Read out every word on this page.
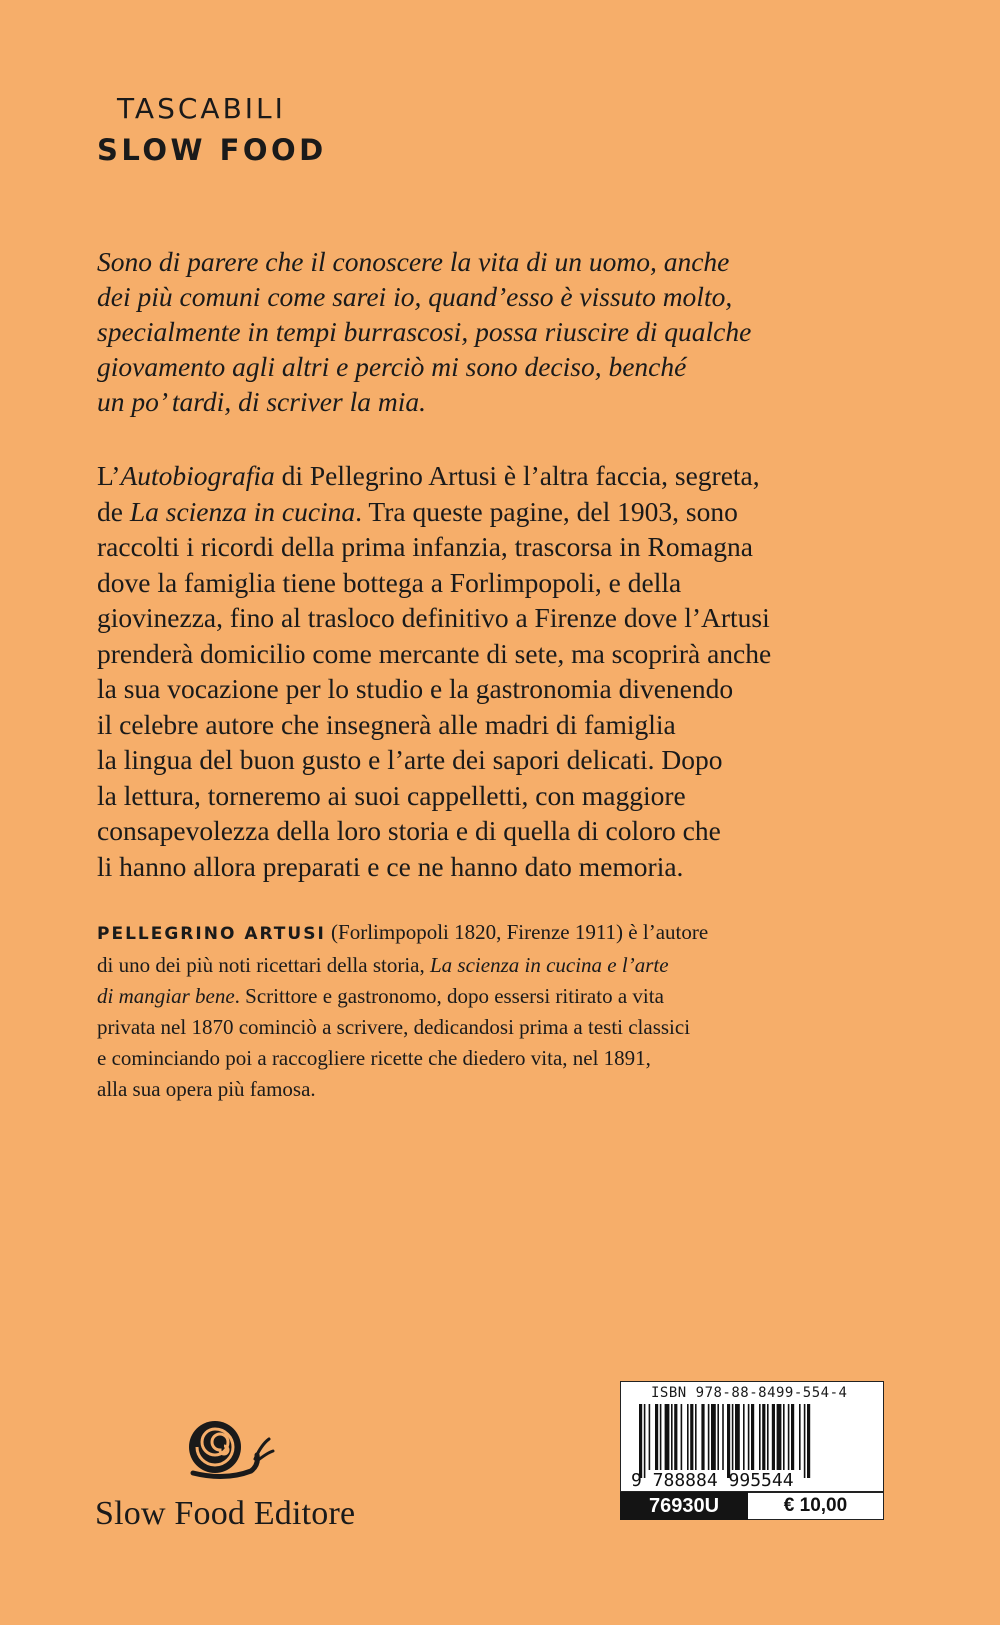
TASCABILI
SLOW FOOD
Sono di parere che il conoscere la vita di un uomo, anche
dei più comuni come sarei io, quand’esso è vissuto molto,
specialmente in tempi burrascosi, possa riuscire di qualche
giovamento agli altri e perciò mi sono deciso, benché
un po’ tardi, di scriver la mia.
L’Autobiografia di Pellegrino Artusi è l’altra faccia, segreta,
de La scienza in cucina. Tra queste pagine, del 1903, sono
raccolti i ricordi della prima infanzia, trascorsa in Romagna
dove la famiglia tiene bottega a Forlimpopoli, e della
giovinezza, fino al trasloco definitivo a Firenze dove l’Artusi
prenderà domicilio come mercante di sete, ma scoprirà anche
la sua vocazione per lo studio e la gastronomia divenendo
il celebre autore che insegnerà alle madri di famiglia
la lingua del buon gusto e l’arte dei sapori delicati. Dopo
la lettura, torneremo ai suoi cappelletti, con maggiore
consapevolezza della loro storia e di quella di coloro che
li hanno allora preparati e ce ne hanno dato memoria.
PELLEGRINO ARTUSI (Forlimpopoli 1820, Firenze 1911) è l’autore
di uno dei più noti ricettari della storia, La scienza in cucina e l’arte
di mangiar bene. Scrittore e gastronomo, dopo essersi ritirato a vita
privata nel 1870 cominciò a scrivere, dedicandosi prima a testi classici
e cominciando poi a raccogliere ricette che diedero vita, nel 1891,
alla sua opera più famosa.
Slow Food Editore
ISBN 978-88-8499-554-4
9 788884 995544
76930U	€ 10,00
